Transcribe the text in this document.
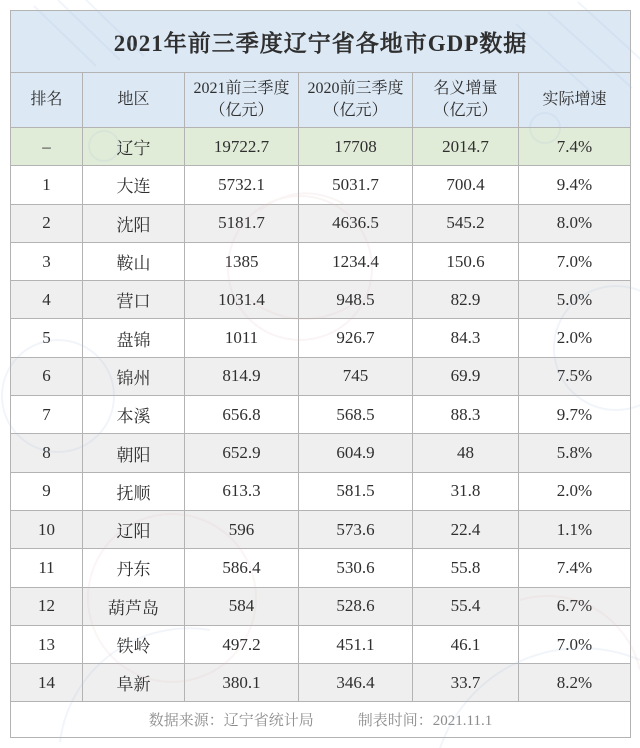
2021年前三季度辽宁省各地市GDP数据					
排名	地区	2021前三季度（亿元）	2020前三季度（亿元）	名义增量（亿元）	实际增速
–	辽宁	19722.7	17708	2014.7	7.4%
1	大连	5732.1	5031.7	700.4	9.4%
2	沈阳	5181.7	4636.5	545.2	8.0%
3	鞍山	1385	1234.4	150.6	7.0%
4	营口	1031.4	948.5	82.9	5.0%
5	盘锦	1011	926.7	84.3	2.0%
6	锦州	814.9	745	69.9	7.5%
7	本溪	656.8	568.5	88.3	9.7%
8	朝阳	652.9	604.9	48	5.8%
9	抚顺	613.3	581.5	31.8	2.0%
10	辽阳	596	573.6	22.4	1.1%
11	丹东	586.4	530.6	55.8	7.4%
12	葫芦岛	584	528.6	55.4	6.7%
13	铁岭	497.2	451.1	46.1	7.0%
14	阜新	380.1	346.4	33.7	8.2%

数据来源：辽宁省统计局 制表时间：2021.11.1					
